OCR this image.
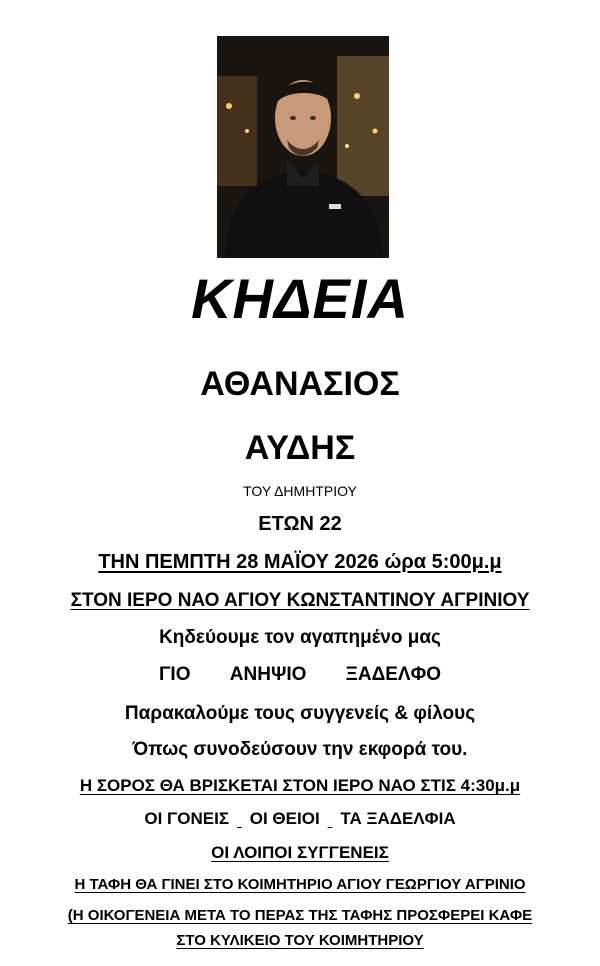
ΚΗΔΕΙΑ
ΑΘΑΝΑΣΙΟΣ
ΑΥΔΗΣ
ΤΟΥ ΔΗΜΗΤΡΙΟΥ
ΕΤΩΝ 22
ΤΗΝ ΠΕΜΠΤΗ 28 ΜΑΪΟΥ 2026 ώρα 5:00μ.μ
ΣΤΟΝ ΙΕΡΟ ΝΑΟ ΑΓΙΟΥ ΚΩΝΣΤΑΝΤΙΝΟΥ ΑΓΡΙΝΙΟΥ
Κηδεύουμε τον αγαπημένο μας
ΓΙΟ ΑΝΗΨΙΟ ΞΑΔΕΛΦΟ
Παρακαλούμε τους συγγενείς & φίλους
Όπως συνοδεύσουν την εκφορά του.
Η ΣΟΡΟΣ ΘΑ ΒΡΙΣΚΕΤΑΙ ΣΤΟΝ ΙΕΡΟ ΝΑΟ ΣΤΙΣ 4:30μ.μ
ΟΙ ΓΟΝΕΙΣ ΟΙ ΘΕΙΟΙ ΤΑ ΞΑΔΕΛΦΙΑ
ΟΙ ΛΟΙΠΟΙ ΣΥΓΓΕΝΕΙΣ
Η ΤΑΦΗ ΘΑ ΓΙΝΕΙ ΣΤΟ ΚΟΙΜΗΤΗΡΙΟ ΑΓΙΟΥ ΓΕΩΡΓΙΟΥ ΑΓΡΙΝΙΟ
(Η ΟΙΚΟΓΕΝΕΙΑ ΜΕΤΑ ΤΟ ΠΕΡΑΣ ΤΗΣ ΤΑΦΗΣ ΠΡΟΣΦΕΡΕΙ ΚΑΦΕ
ΣΤΟ ΚΥΛΙΚΕΙΟ ΤΟΥ ΚΟΙΜΗΤΗΡΙΟΥ
